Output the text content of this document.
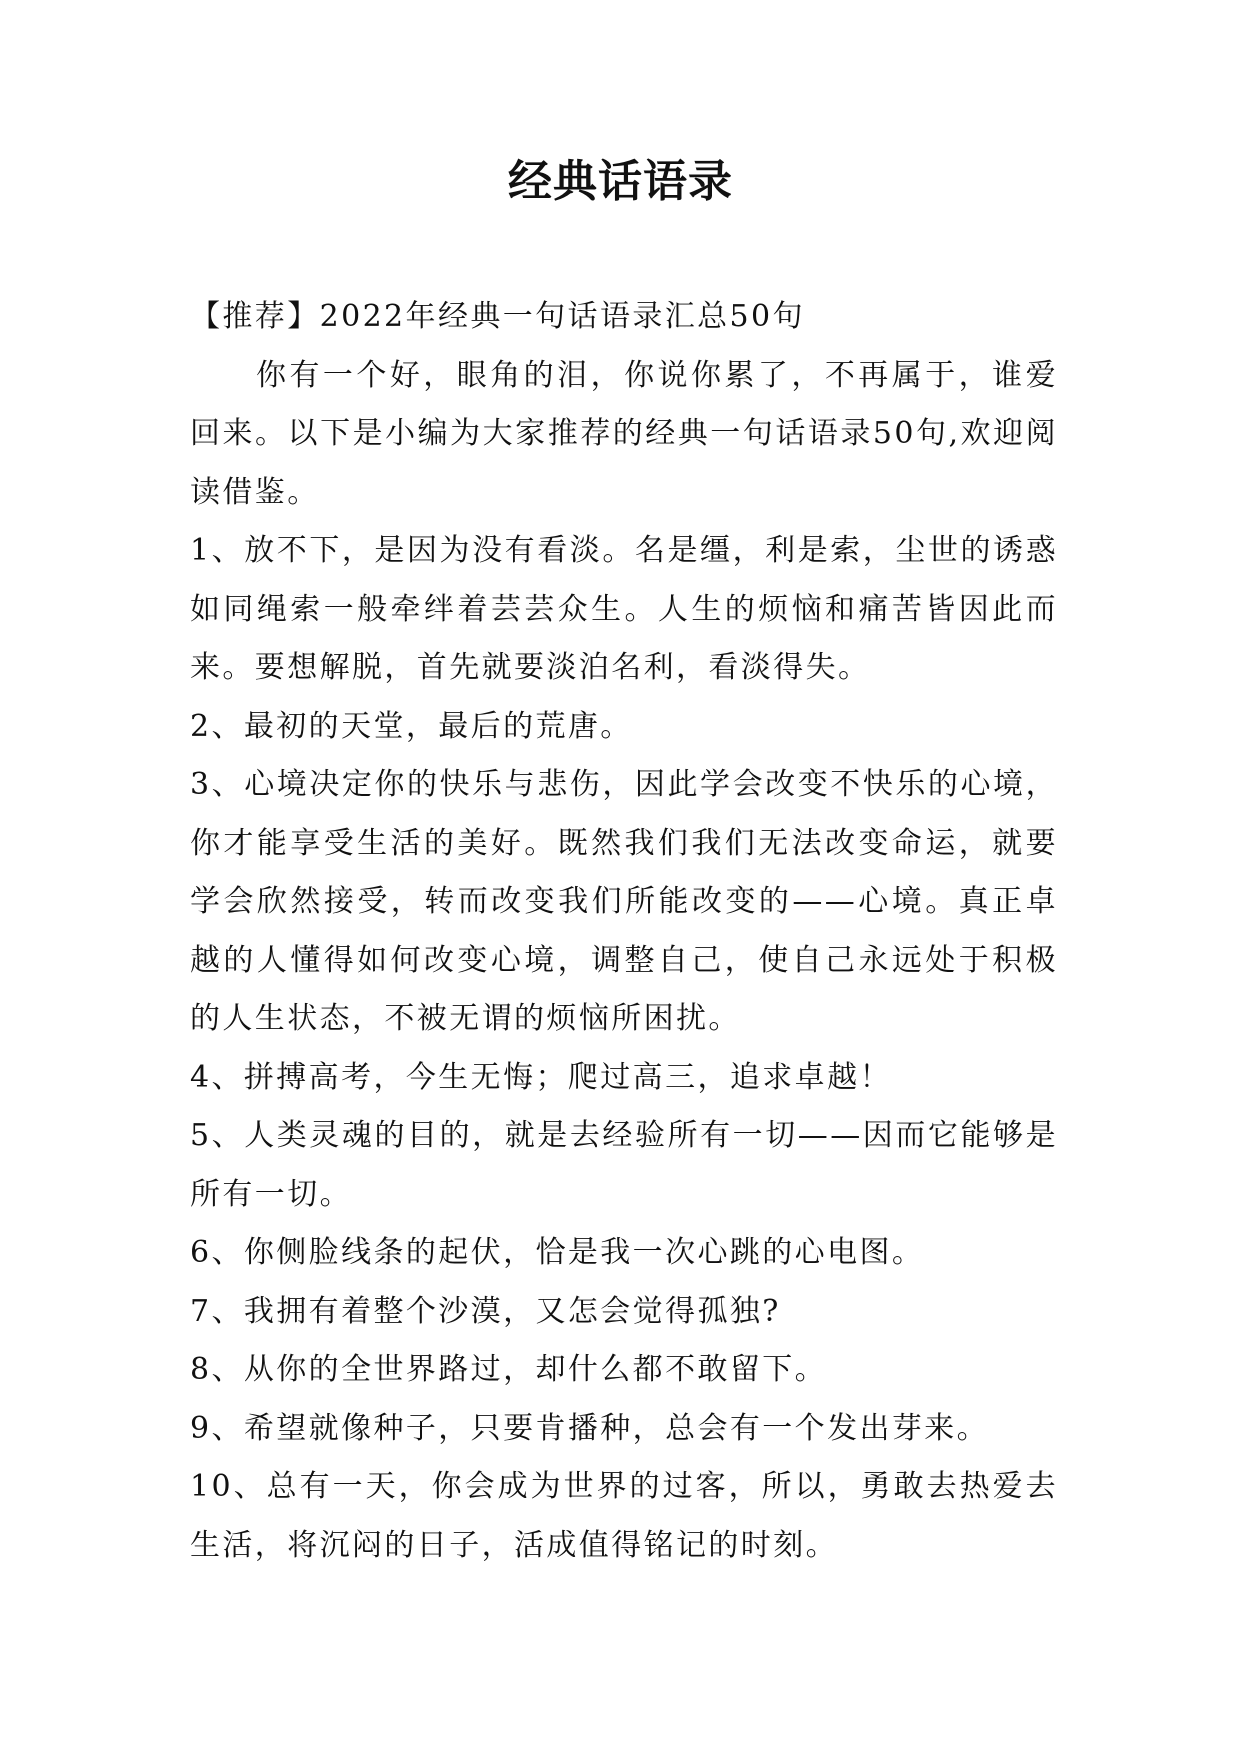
经典话语录

【推荐】2022年经典一句话语录汇总50句

你有一个好，眼角的泪，你说你累了，不再属于，谁爱回来。以下是小编为大家推荐的经典一句话语录50句,欢迎阅读借鉴。

1、放不下，是因为没有看淡。名是缰，利是索，尘世的诱惑如同绳索一般牵绊着芸芸众生。人生的烦恼和痛苦皆因此而来。要想解脱，首先就要淡泊名利，看淡得失。

2、最初的天堂，最后的荒唐。

3、心境决定你的快乐与悲伤，因此学会改变不快乐的心境，你才能享受生活的美好。既然我们我们无法改变命运，就要学会欣然接受，转而改变我们所能改变的——心境。真正卓越的人懂得如何改变心境，调整自己，使自己永远处于积极的人生状态，不被无谓的烦恼所困扰。

4、拼搏高考，今生无悔；爬过高三，追求卓越！

5、人类灵魂的目的，就是去经验所有一切——因而它能够是所有一切。

6、你侧脸线条的起伏，恰是我一次心跳的心电图。

7、我拥有着整个沙漠，又怎会觉得孤独?

8、从你的全世界路过，却什么都不敢留下。

9、希望就像种子，只要肯播种，总会有一个发出芽来。

10、总有一天，你会成为世界的过客，所以，勇敢去热爱去生活，将沉闷的日子，活成值得铭记的时刻。
